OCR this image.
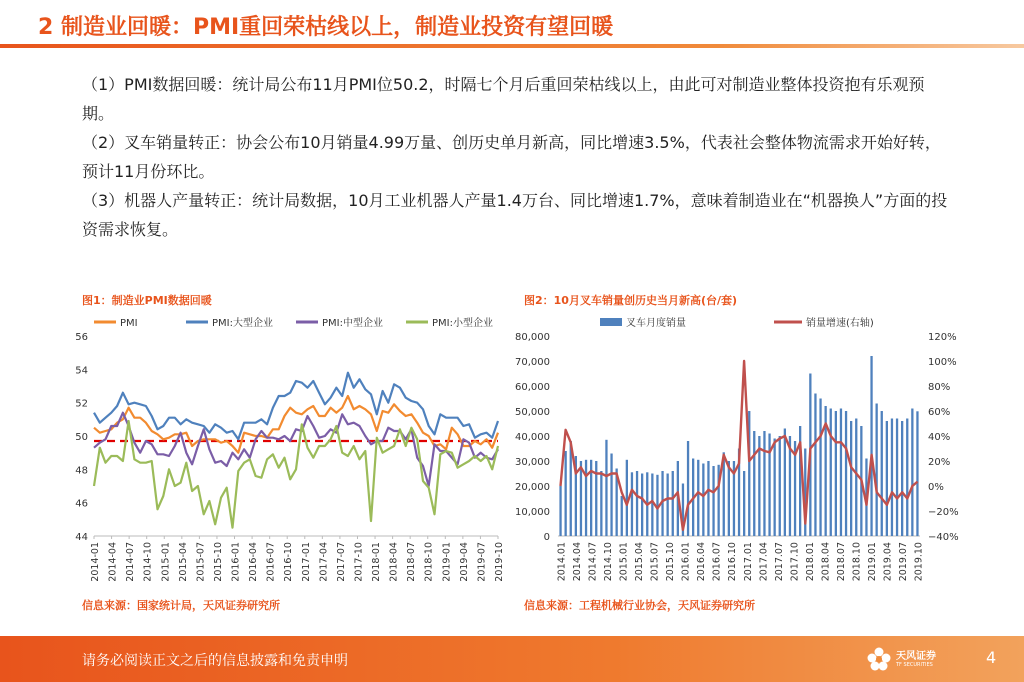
2 制造业回暖：PMI重回荣枯线以上，制造业投资有望回暖

（1）PMI数据回暖：统计局公布11月PMI位50.2，时隔七个月后重回荣枯线以上，由此可对制造业整体投资抱有乐观预期。

（2）叉车销量转正：协会公布10月销量4.99万量、创历史单月新高，同比增速3.5%，代表社会整体物流需求开始好转，预计11月份环比。

（3）机器人产量转正：统计局数据，10月工业机器人产量1.4万台、同比增速1.7%，意味着制造业在“机器换人”方面的投资需求恢复。

图1：制造业PMI数据回暖	图2：10月叉车销量创历史当月新高(台/套)
44
46
48
50
52
54
56
2014-01 2014-04 2014-07 2014-10 2015-01 2015-04 2015-07 2015-10 2016-01 2016-04 2016-07 2016-10 2017-01 2017-04 2017-07 2017-10 2018-01 2018-04 2018-07 2018-10 2019-01 2019-04 2019-07 2019-10
PMI	PMI:大型企业	PMI:中型企业	PMI:小型企业
0
10,000
20,000
30,000
40,000
50,000
60,000
70,000
80,000
−40%
−20%
0%
20%
40%
60%
80%
100%
120%
2014.01 2014.04 2014.07 2014.10 2015.01 2015.04 2015.07 2015.10 2016.01 2016.04 2016.07 2016.10 2017.01 2017.04 2017.07 2017.10 2018.01 2018.04 2018.07 2018.10 2019.01 2019.04 2019.07 2019.10
叉车月度销量	销量增速(右轴)
信息来源：国家统计局，天风证券研究所	信息来源：工程机械行业协会，天风证券研究所
请务必阅读正文之后的信息披露和免责申明	天风证券
TF SECURITIES	4
